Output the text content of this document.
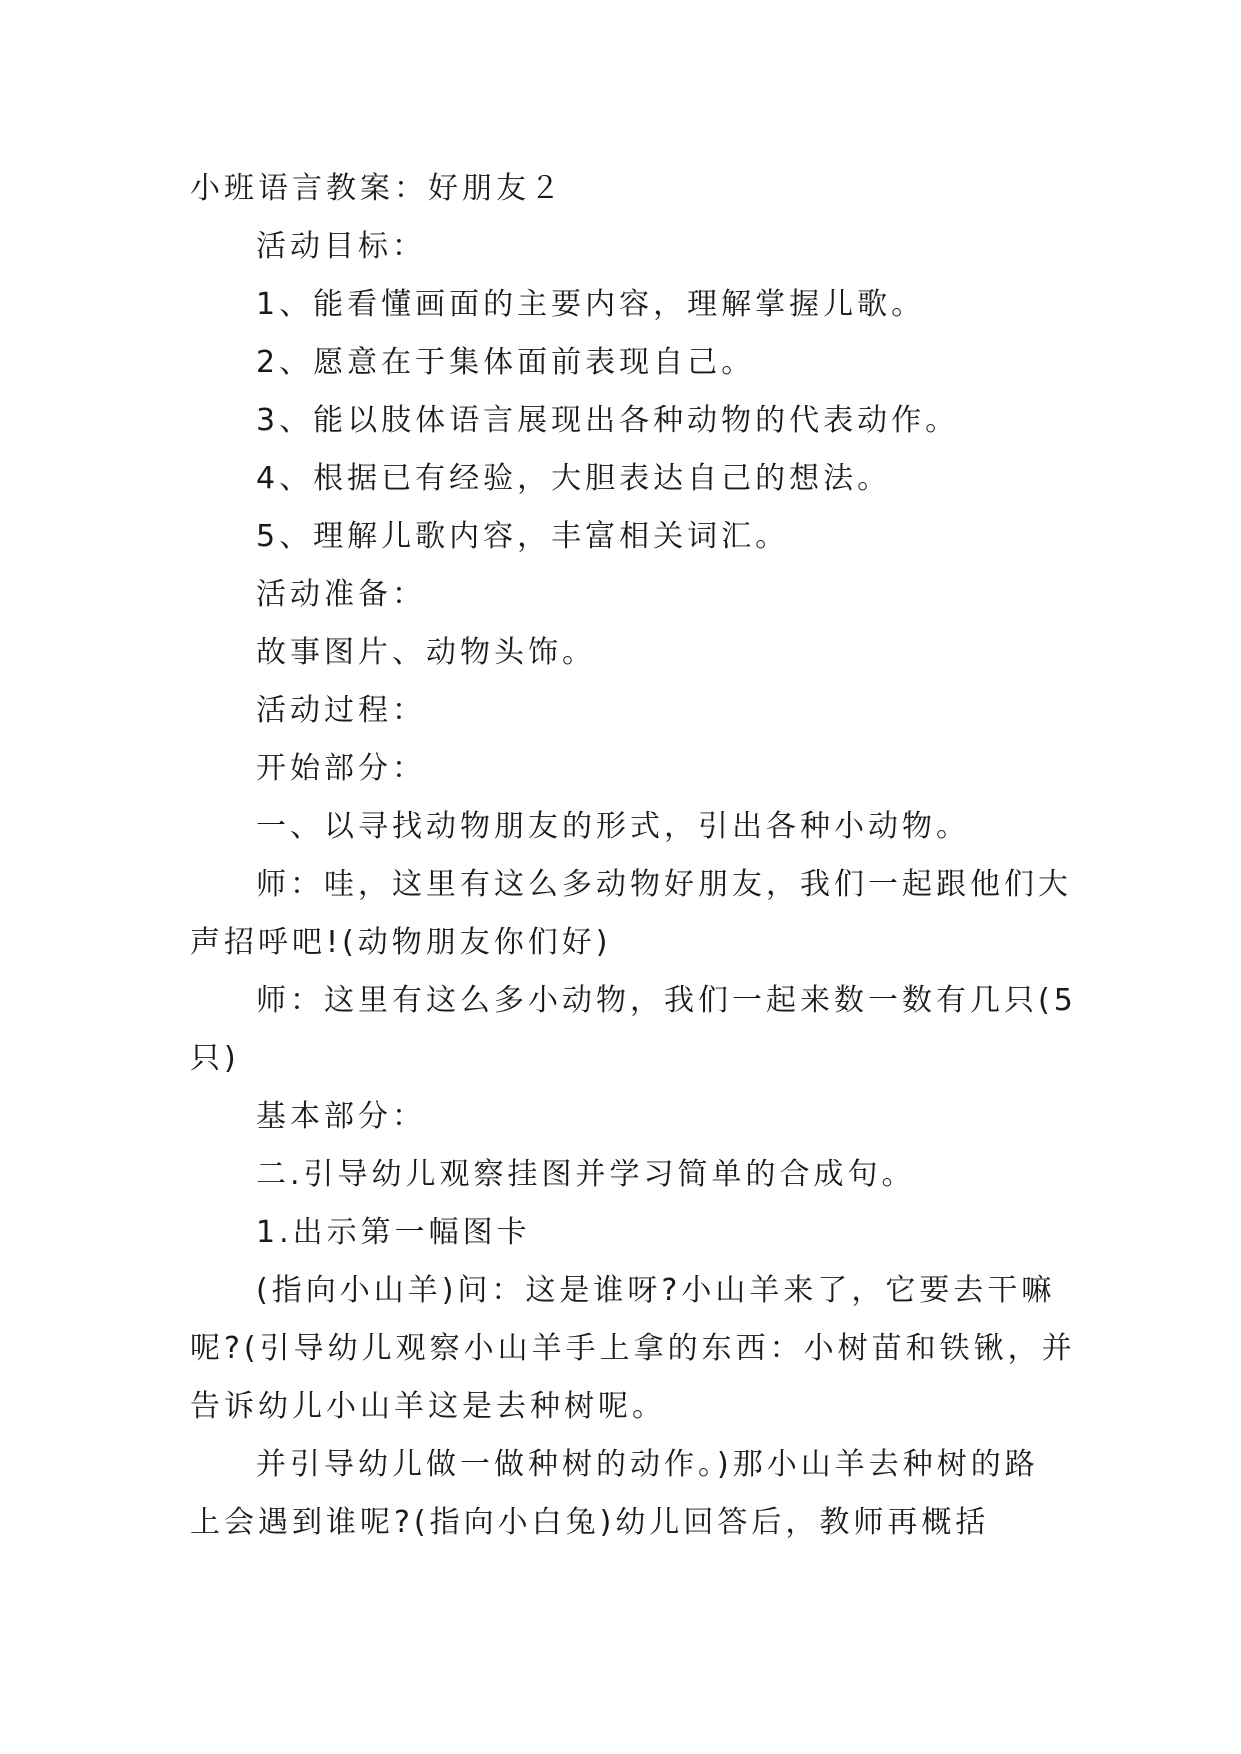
小班语言教案：好朋友２

活动目标：

1、能看懂画面的主要内容，理解掌握儿歌。

2、愿意在于集体面前表现自己。

3、能以肢体语言展现出各种动物的代表动作。

4、根据已有经验，大胆表达自己的想法。

5、理解儿歌内容，丰富相关词汇。

活动准备：

故事图片、动物头饰。

活动过程：

开始部分：

一、以寻找动物朋友的形式，引出各种小动物。

师：哇，这里有这么多动物好朋友，我们一起跟他们大
声招呼吧!(动物朋友你们好)
师：这里有这么多小动物，我们一起来数一数有几只(5
只)

基本部分：

二.引导幼儿观察挂图并学习简单的合成句。

1.出示第一幅图卡

(指向小山羊)问：这是谁呀?小山羊来了，它要去干嘛
呢?(引导幼儿观察小山羊手上拿的东西：小树苗和铁锹，并
告诉幼儿小山羊这是去种树呢。
并引导幼儿做一做种树的动作。)那小山羊去种树的路
上会遇到谁呢?(指向小白兔)幼儿回答后，教师再概括
